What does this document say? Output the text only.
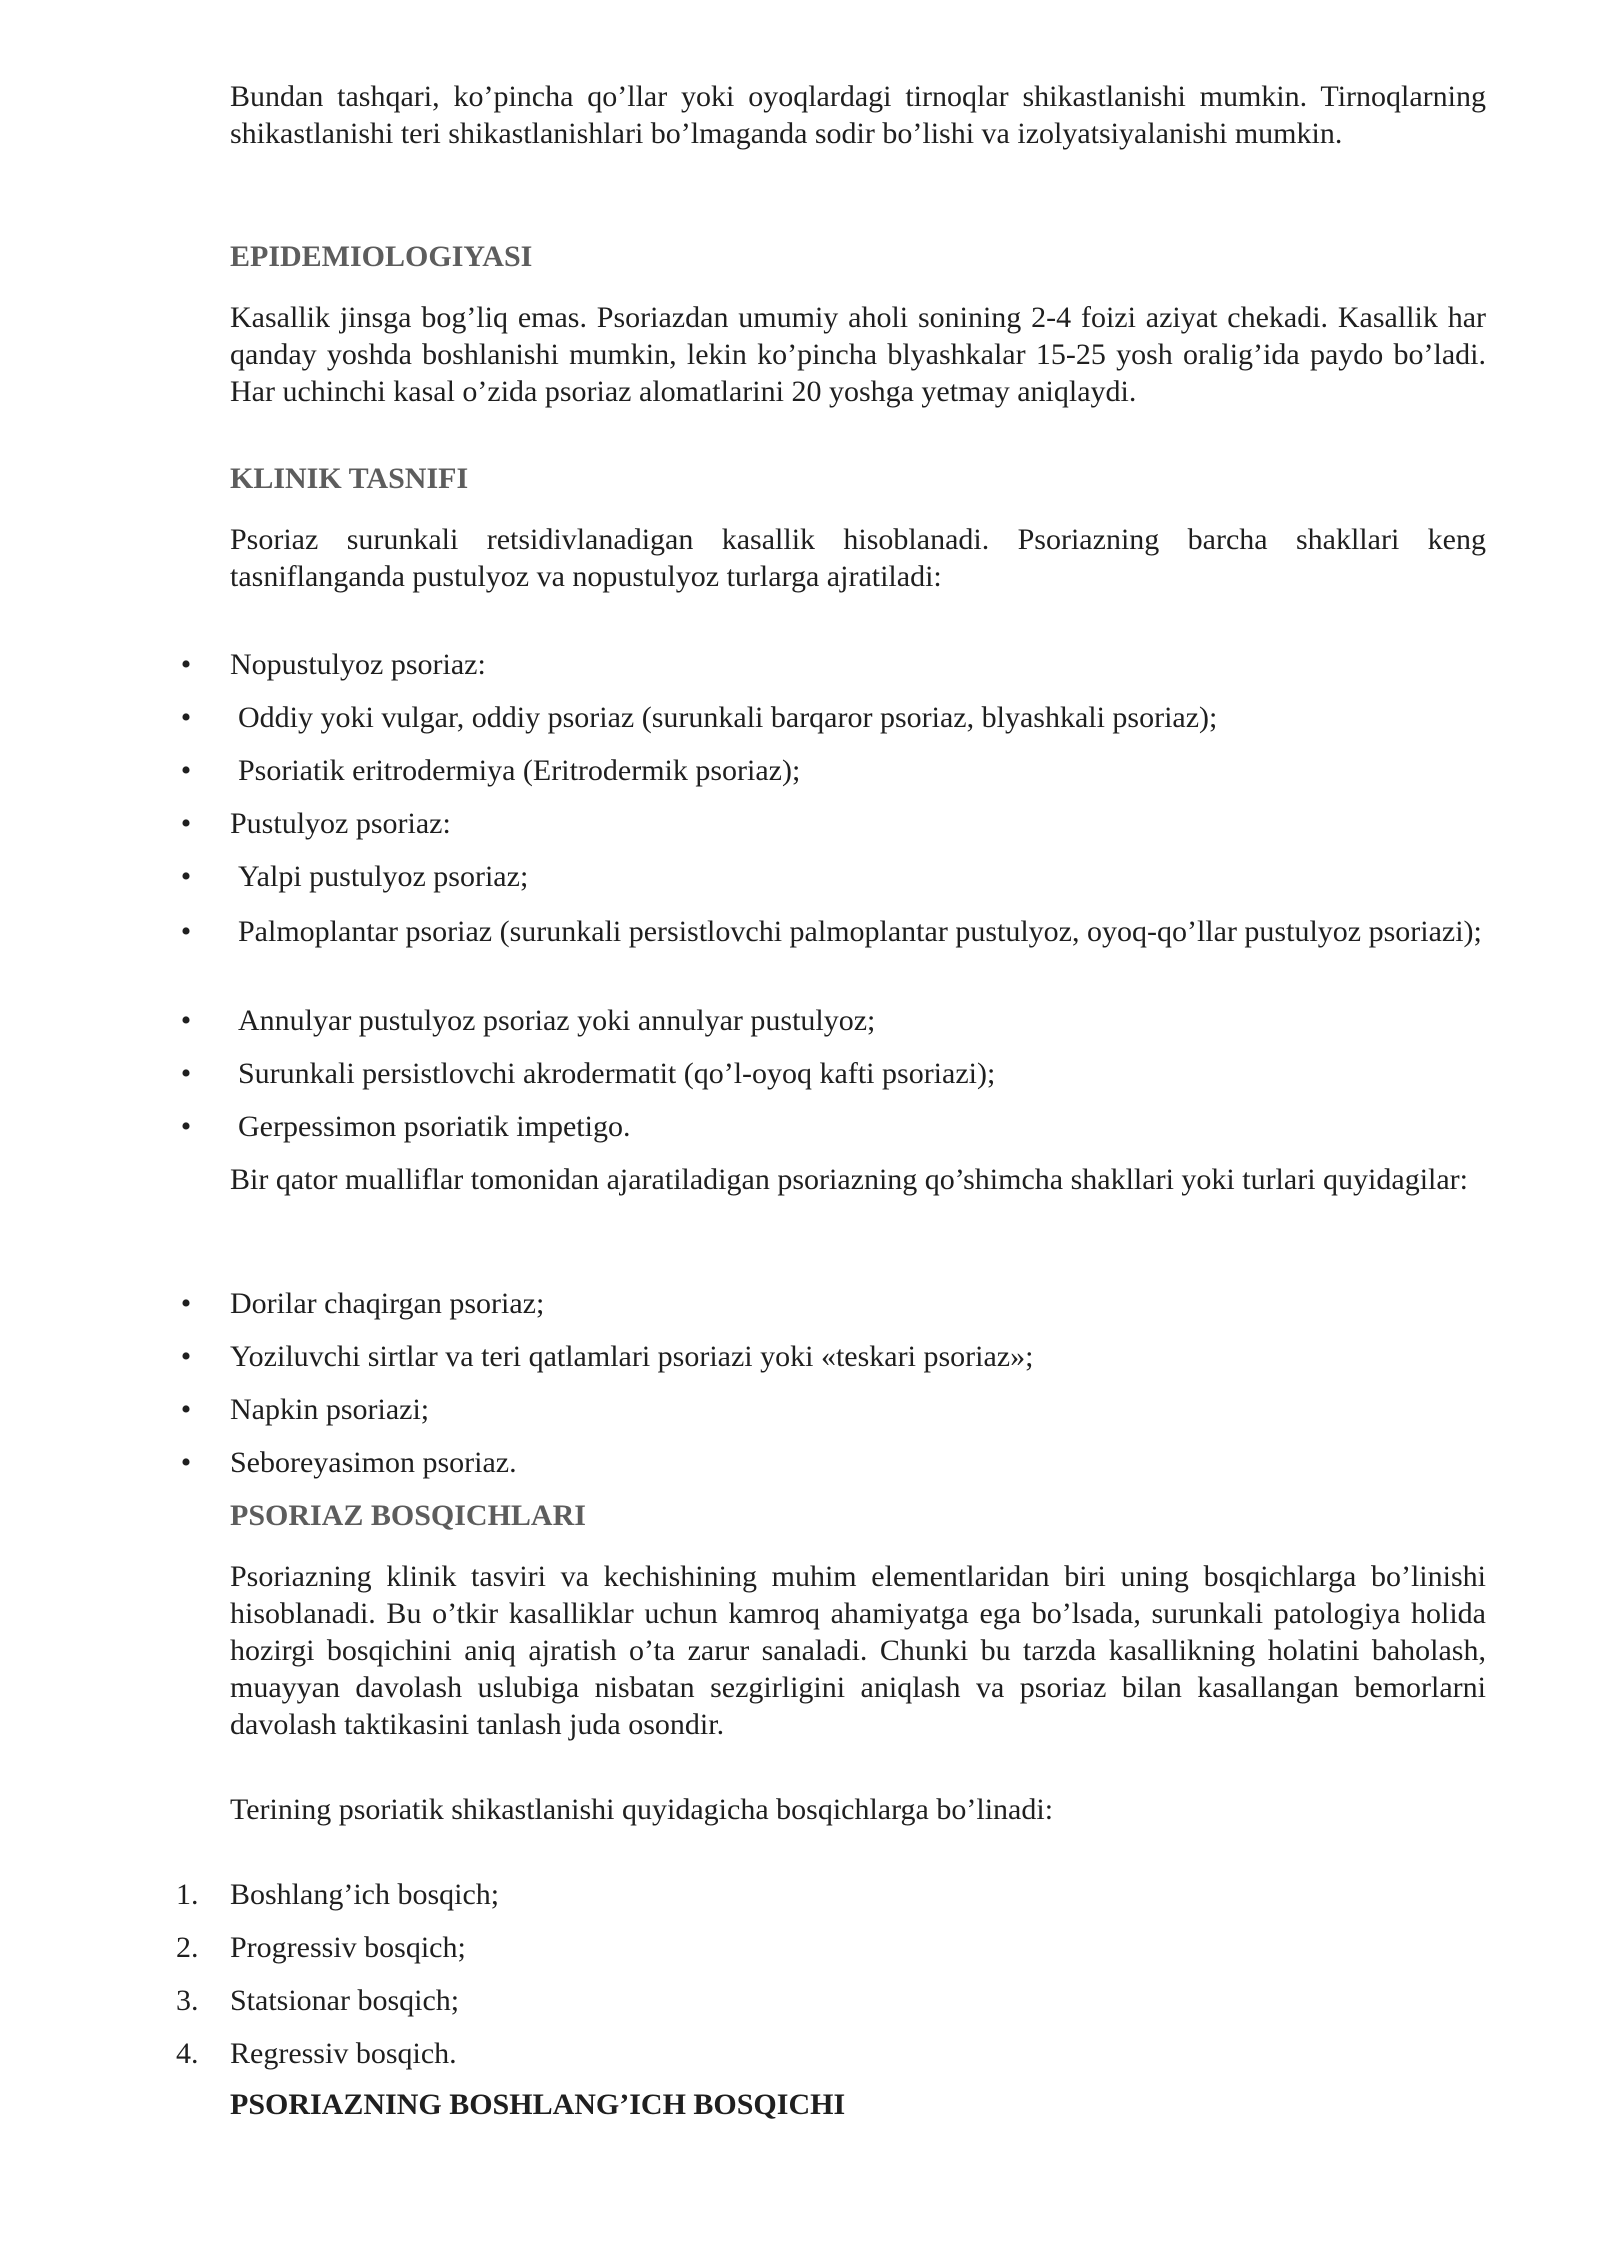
Bundan tashqari, ko’pincha qo’llar yoki oyoqlardagi tirnoqlar shikastlanishi mumkin. Tirnoqlarning shikastlanishi teri shikastlanishlari bo’lmaganda sodir bo’lishi va izolyatsiyalanishi mumkin.

EPIDEMIOLOGIYASI

Kasallik jinsga bog’liq emas. Psoriazdan umumiy aholi sonining 2-4 foizi aziyat chekadi. Kasallik har qanday yoshda boshlanishi mumkin, lekin ko’pincha blyashkalar 15-25 yosh oralig’ida paydo bo’ladi. Har uchinchi kasal o’zida psoriaz alomatlarini 20 yoshga yetmay aniqlaydi.

KLINIK TASNIFI

Psoriaz surunkali retsidivlanadigan kasallik hisoblanadi. Psoriazning barcha shakllari keng tasniflanganda pustulyoz va nopustulyoz turlarga ajratiladi:

• Nopustulyoz psoriaz:
• Oddiy yoki vulgar, oddiy psoriaz (surunkali barqaror psoriaz, blyashkali psoriaz);
• Psoriatik eritrodermiya (Eritrodermik psoriaz);
• Pustulyoz psoriaz:
• Yalpi pustulyoz psoriaz;
• Palmoplantar psoriaz (surunkali persistlovchi palmoplantar pustulyoz, oyoq-qo’llar pustulyoz psoriazi);
• Annulyar pustulyoz psoriaz yoki annulyar pustulyoz;
• Surunkali persistlovchi akrodermatit (qo’l-oyoq kafti psoriazi);
• Gerpessimon psoriatik impetigo.

Bir qator mualliflar tomonidan ajaratiladigan psoriazning qo’shimcha shakllari yoki turlari quyidagilar:

• Dorilar chaqirgan psoriaz;
• Yoziluvchi sirtlar va teri qatlamlari psoriazi yoki «teskari psoriaz»;
• Napkin psoriazi;
• Seboreyasimon psoriaz.
PSORIAZ BOSQICHLARI

Psoriazning klinik tasviri va kechishining muhim elementlaridan biri uning bosqichlarga bo’linishi hisoblanadi. Bu o’tkir kasalliklar uchun kamroq ahamiyatga ega bo’lsada, surunkali patologiya holida hozirgi bosqichini aniq ajratish o’ta zarur sanaladi. Chunki bu tarzda kasallikning holatini baholash, muayyan davolash uslubiga nisbatan sezgirligini aniqlash va psoriaz bilan kasallangan bemorlarni davolash taktikasini tanlash juda osondir.

Terining psoriatik shikastlanishi quyidagicha bosqichlarga bo’linadi:

1.	Boshlang’ich bosqich;
2.	Progressiv bosqich;
3.	Statsionar bosqich;
4.	Regressiv bosqich.
PSORIAZNING BOSHLANG’ICH BOSQICHI
